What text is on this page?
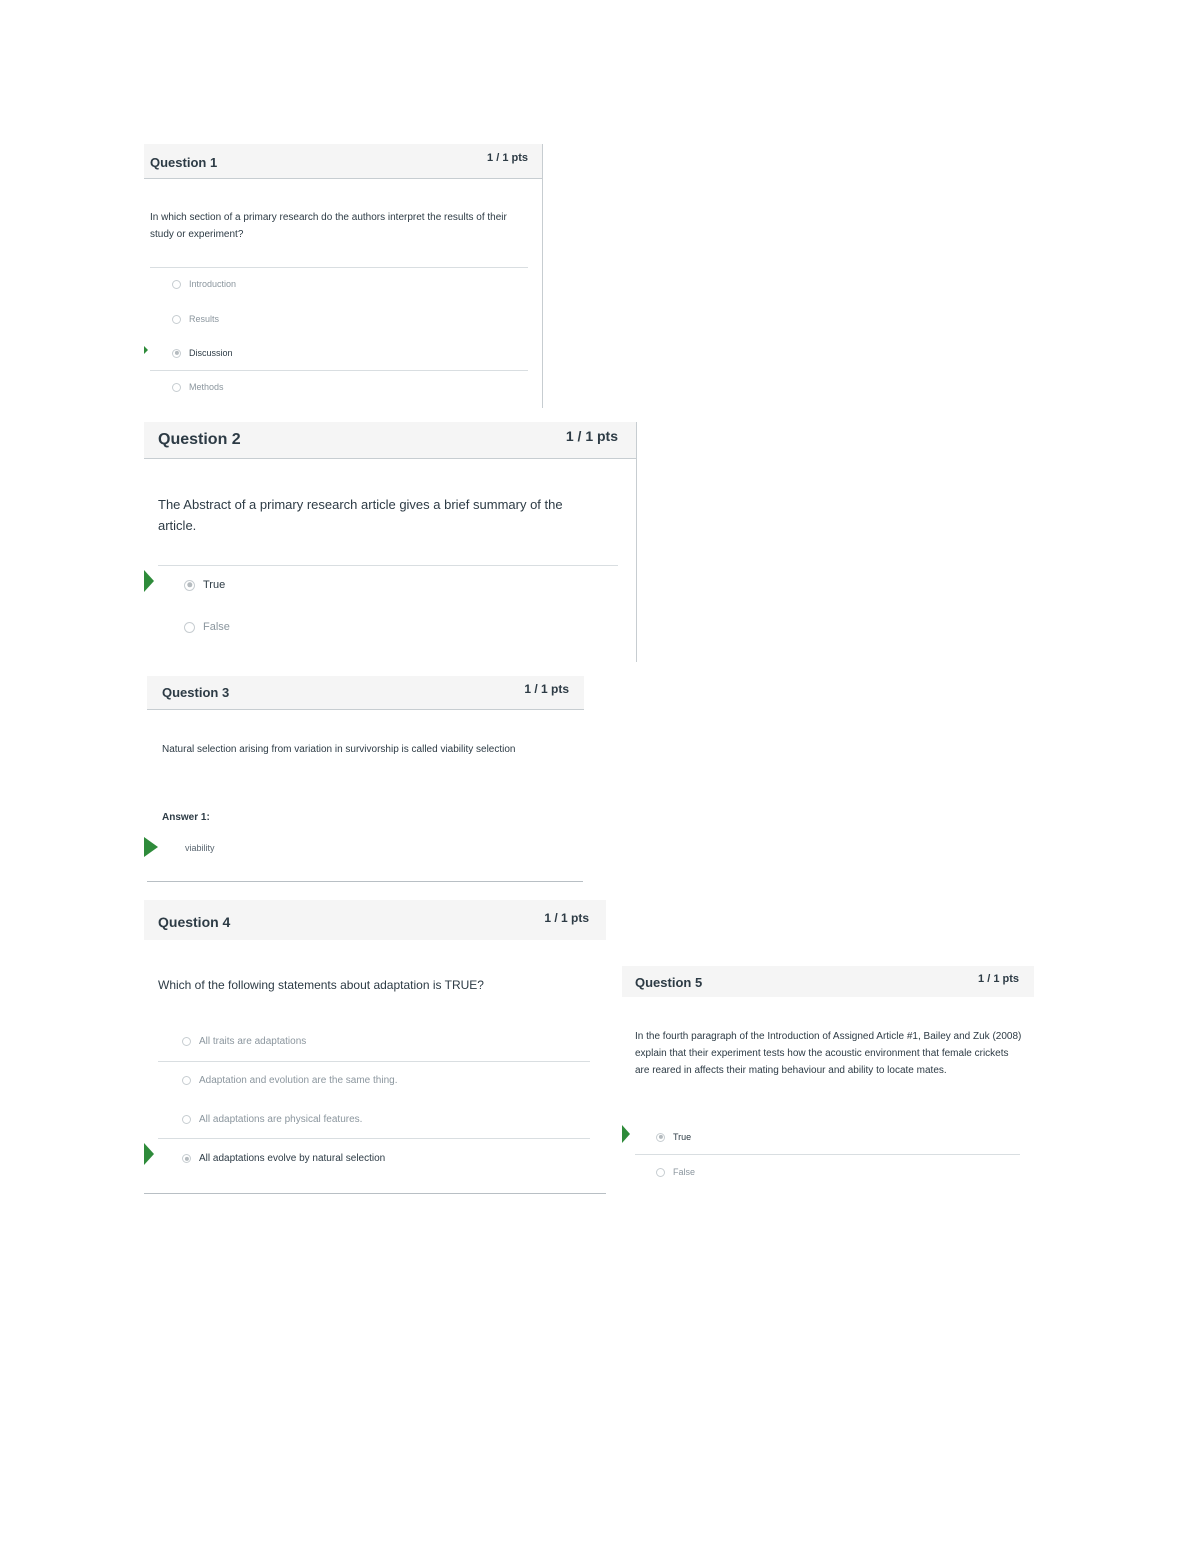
Question 1	1 / 1 pts
In which section of a primary research do the authors interpret the results of their study or experiment?
Introduction
Results
Discussion
Methods
Question 2	1 / 1 pts
The Abstract of a primary research article gives a brief summary of the article.
True
False
Question 3	1 / 1 pts
Natural selection arising from variation in survivorship is called viability selection
Answer 1:
viability
Question 4	1 / 1 pts
Which of the following statements about adaptation is TRUE?
All traits are adaptations
Adaptation and evolution are the same thing.
All adaptations are physical features.
All adaptations evolve by natural selection
Question 5	1 / 1 pts
In the fourth paragraph of the Introduction of Assigned Article #1, Bailey and Zuk (2008) explain that their experiment tests how the acoustic environment that female crickets are reared in affects their mating behaviour and ability to locate mates.
True
False
